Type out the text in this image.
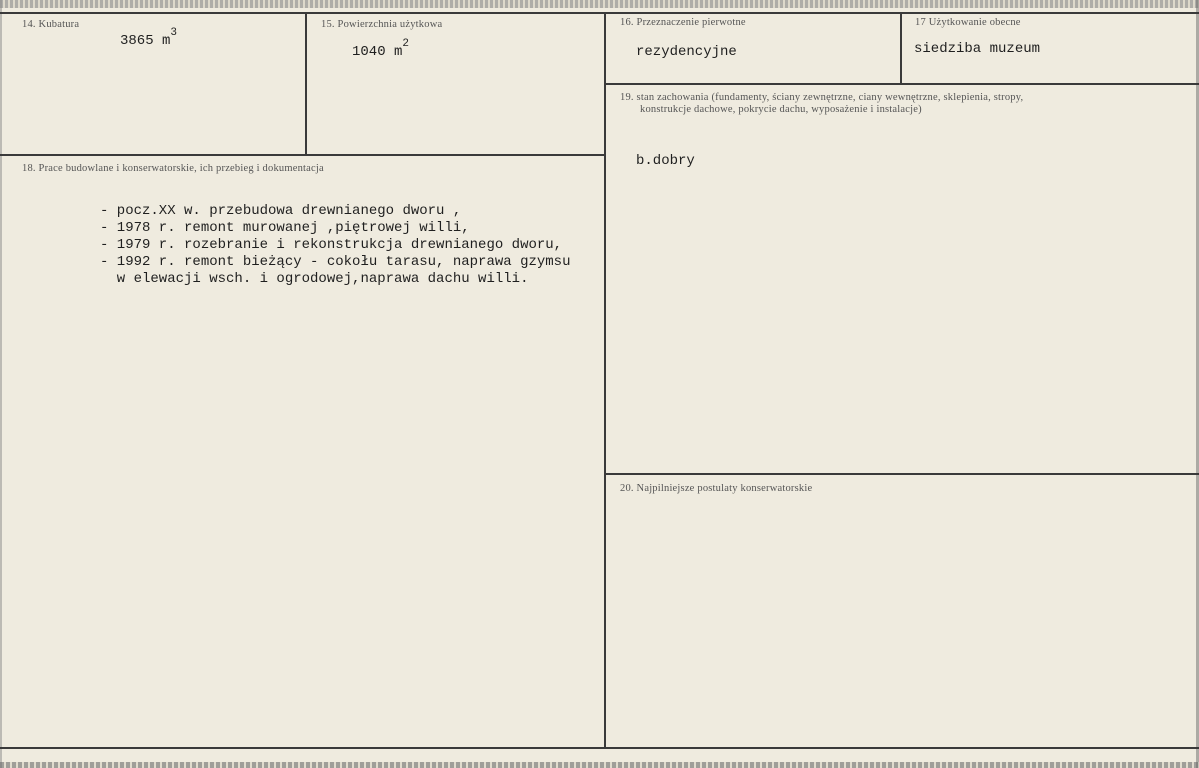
14. Kubatura
3865 $m^3$
15. Powierzchnia użytkowa
1040 $m^2$
16. Przeznaczenie pierwotne
rezydencyjne
17 Użytkowanie obecne
siedziba muzeum
19. stan zachowania (fundamenty, ściany zewnętrzne, ciany wewnętrzne, sklepienia, stropy,
konstrukcje dachowe, pokrycie dachu, wyposażenie i instalacje)
b.dobry
18. Prace budowlane i konserwatorskie, ich przebieg i dokumentacja
- pocz.XX w. przebudowa drewnianego dworu ,
- 1978 r. remont murowanej ,piętrowej willi,
- 1979 r. rozebranie i rekonstrukcja drewnianego dworu,
- 1992 r. remont bieżący - cokołu tarasu, naprawa gzymsu
w elewacji wsch. i ogrodowej,naprawa dachu willi.
20. Najpilniejsze postulaty konserwatorskie
